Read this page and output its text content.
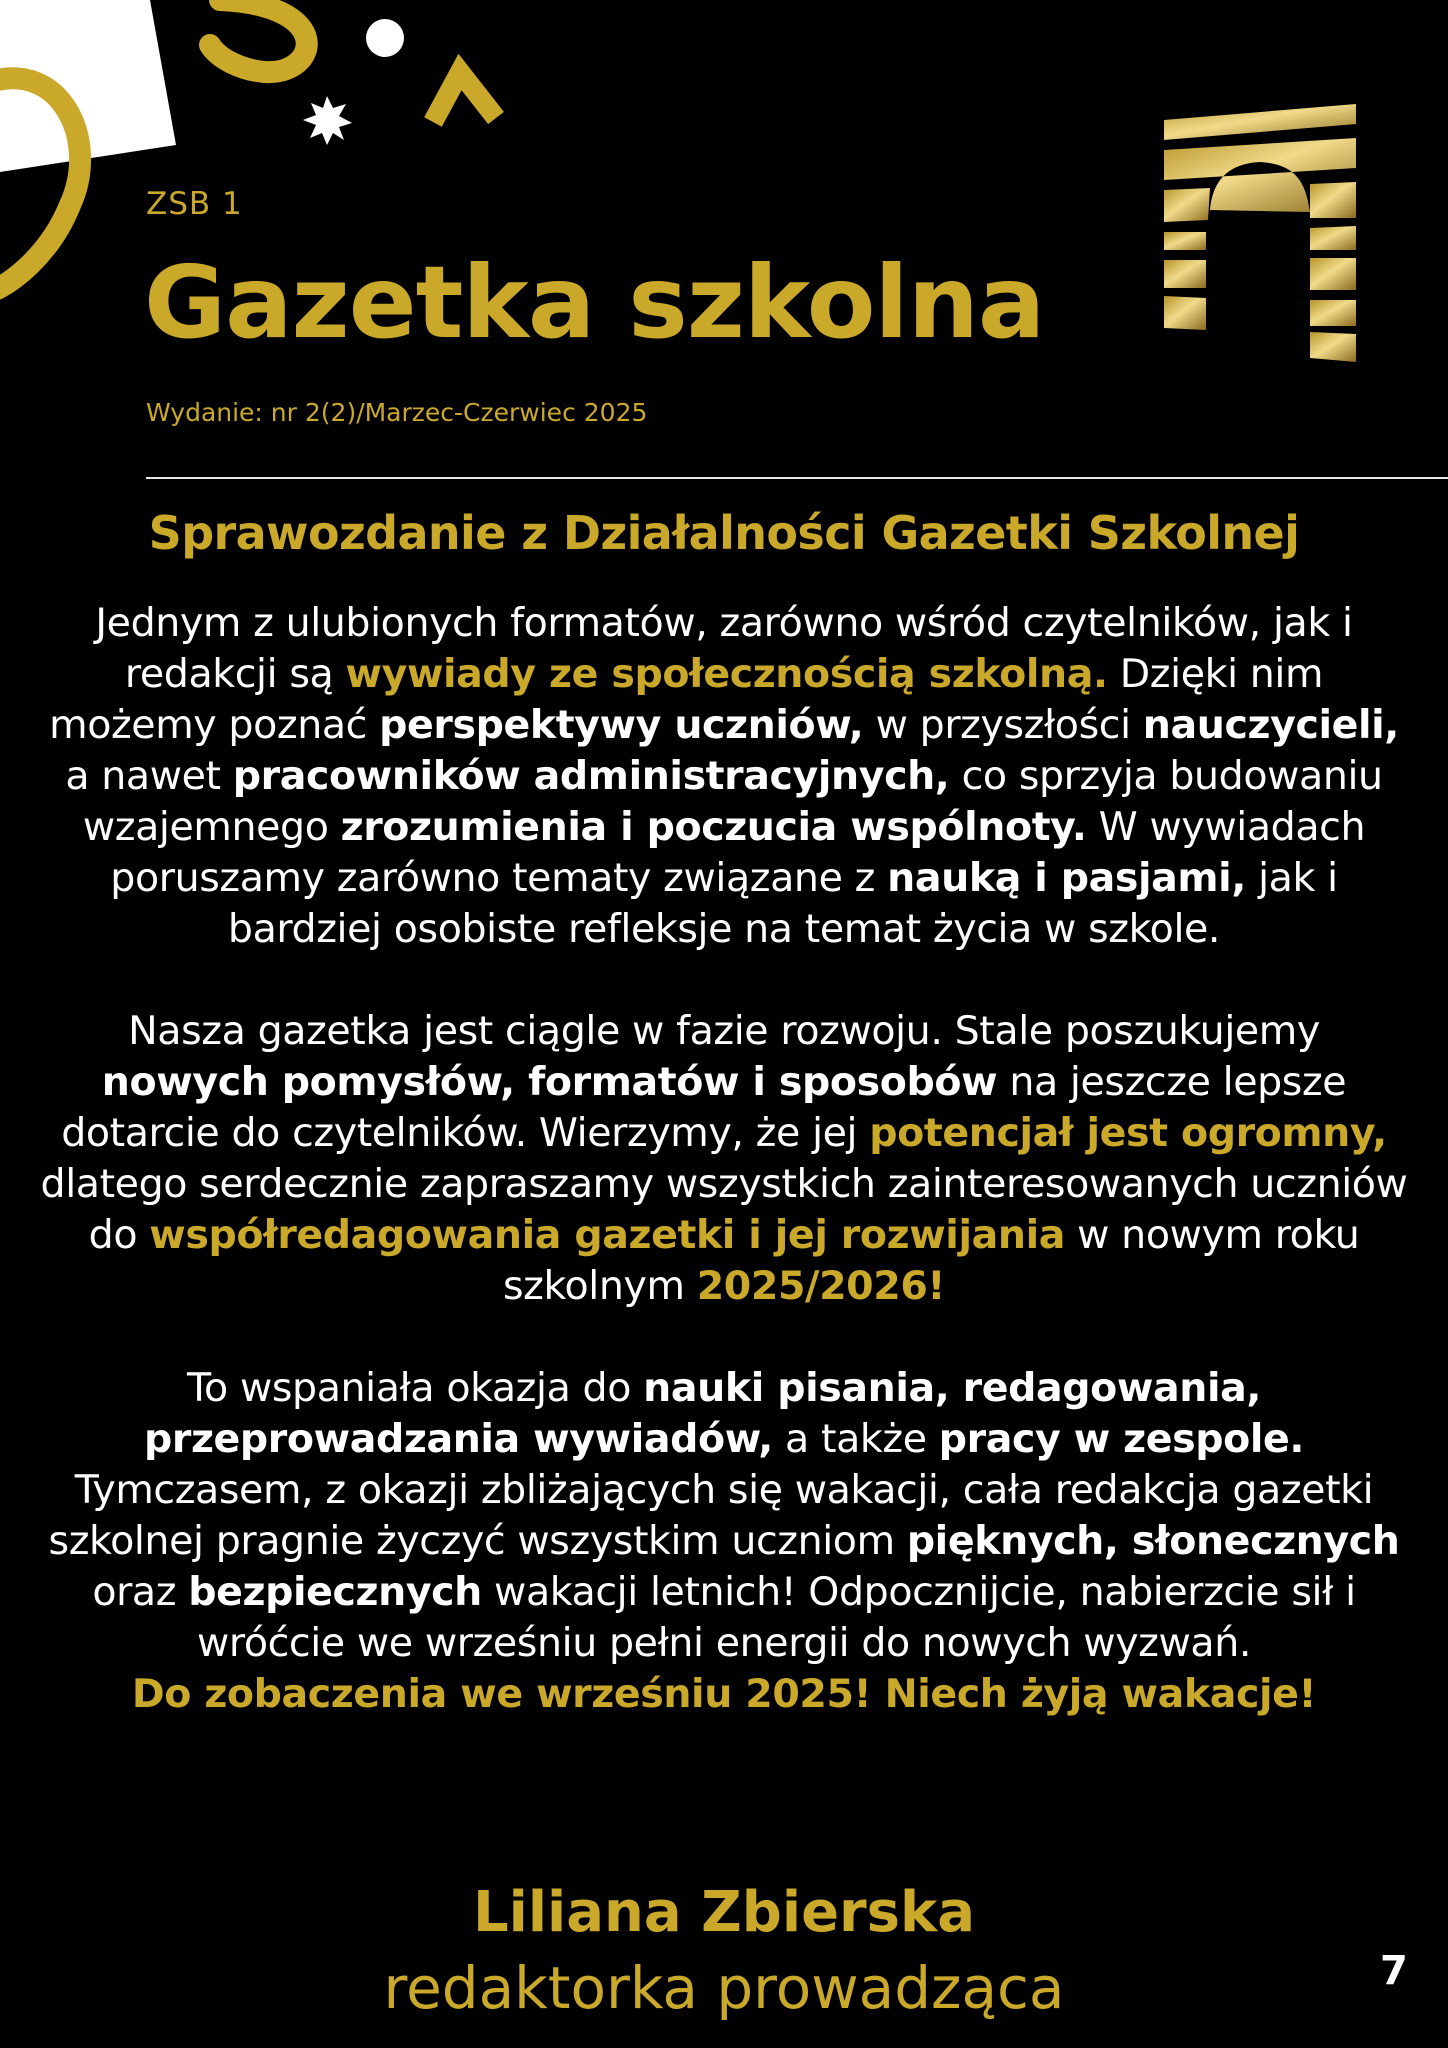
ZSB 1
Gazetka szkolna
Wydanie: nr 2(2)/Marzec-Czerwiec 2025
Sprawozdanie z Działalności Gazetki Szkolnej

Jednym z ulubionych formatów, zarówno wśród czytelników, jak i redakcji są wywiady ze społecznością szkolną. Dzięki nim możemy poznać perspektywy uczniów, w przyszłości nauczycieli, a nawet pracowników administracyjnych, co sprzyja budowaniu wzajemnego zrozumienia i poczucia wspólnoty. W wywiadach poruszamy zarówno tematy związane z nauką i pasjami, jak i bardziej osobiste refleksje na temat życia w szkole.

Nasza gazetka jest ciągle w fazie rozwoju. Stale poszukujemy nowych pomysłów, formatów i sposobów na jeszcze lepsze dotarcie do czytelników. Wierzymy, że jej potencjał jest ogromny, dlatego serdecznie zapraszamy wszystkich zainteresowanych uczniów do współredagowania gazetki i jej rozwijania w nowym roku szkolnym 2025/2026!

To wspaniała okazja do nauki pisania, redagowania, przeprowadzania wywiadów, a także pracy w zespole. Tymczasem, z okazji zbliżających się wakacji, cała redakcja gazetki szkolnej pragnie życzyć wszystkim uczniom pięknych, słonecznych oraz bezpiecznych wakacji letnich! Odpocznijcie, nabierzcie sił i wróćcie we wrześniu pełni energii do nowych wyzwań.
Do zobaczenia we wrześniu 2025! Niech żyją wakacje!

Liliana Zbierska
redaktorka prowadząca	7
